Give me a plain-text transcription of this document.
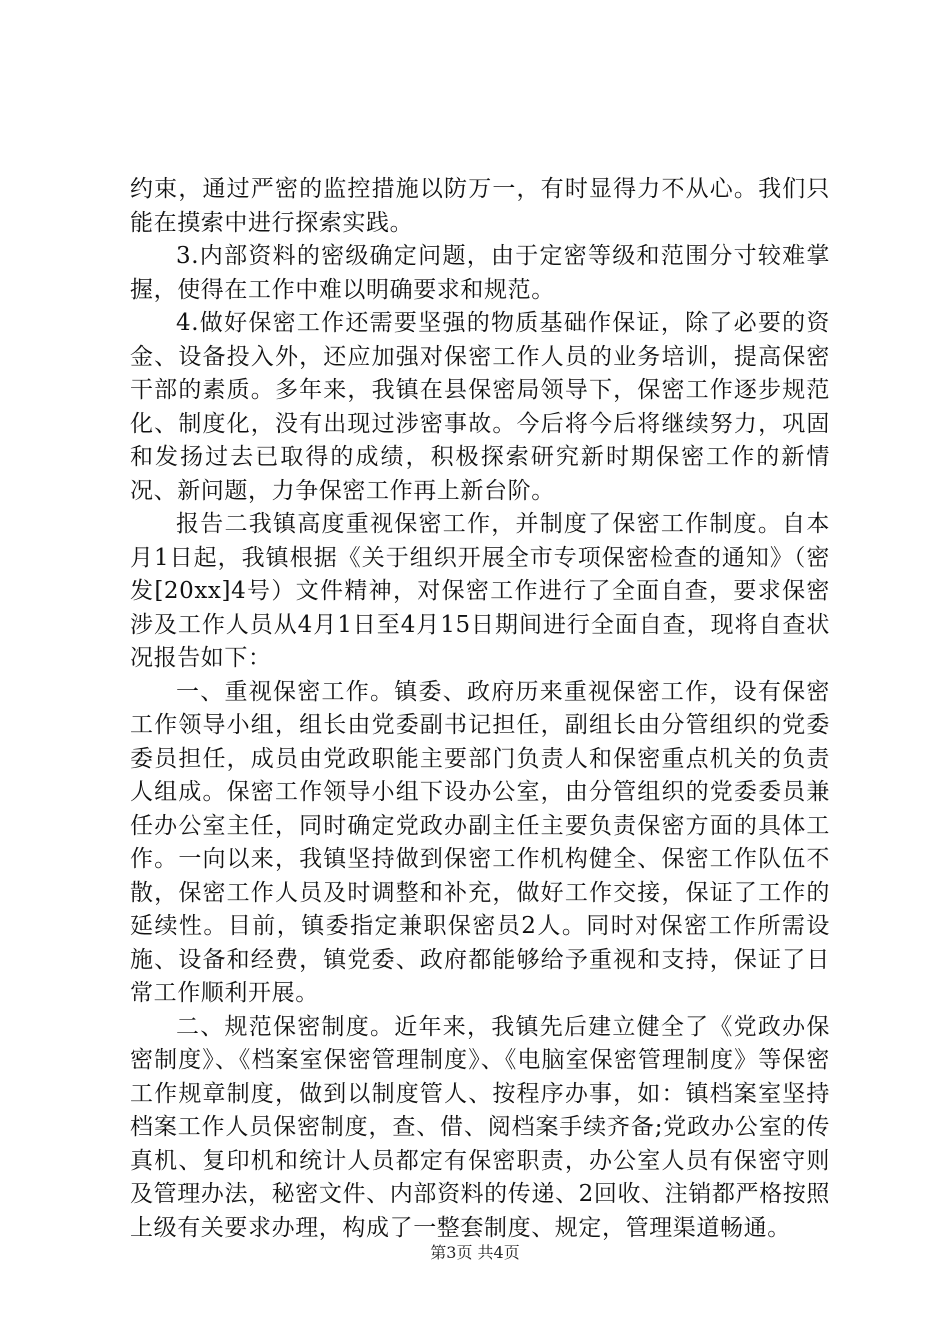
约束，通过严密的监控措施以防万一，有时显得力不从心。我们只能在摸索中进行探索实践。

3.内部资料的密级确定问题，由于定密等级和范围分寸较难掌握，使得在工作中难以明确要求和规范。

4.做好保密工作还需要坚强的物质基础作保证，除了必要的资金、设备投入外，还应加强对保密工作人员的业务培训，提高保密干部的素质。多年来，我镇在县保密局领导下，保密工作逐步规范化、制度化，没有出现过涉密事故。今后将今后将继续努力，巩固和发扬过去已取得的成绩，积极探索研究新时期保密工作的新情况、新问题，力争保密工作再上新台阶。

报告二我镇高度重视保密工作，并制度了保密工作制度。自本月1日起，我镇根据《关于组织开展全市专项保密检查的通知》（密发[20xx]4号）文件精神，对保密工作进行了全面自查，要求保密涉及工作人员从4月1日至4月15日期间进行全面自查，现将自查状况报告如下：

一、重视保密工作。镇委、政府历来重视保密工作，设有保密工作领导小组，组长由党委副书记担任，副组长由分管组织的党委委员担任，成员由党政职能主要部门负责人和保密重点机关的负责人组成。保密工作领导小组下设办公室，由分管组织的党委委员兼任办公室主任，同时确定党政办副主任主要负责保密方面的具体工作。一向以来，我镇坚持做到保密工作机构健全、保密工作队伍不散，保密工作人员及时调整和补充，做好工作交接，保证了工作的延续性。目前，镇委指定兼职保密员2人。同时对保密工作所需设施、设备和经费，镇党委、政府都能够给予重视和支持，保证了日常工作顺利开展。

二、规范保密制度。近年来，我镇先后建立健全了《党政办保密制度》、《档案室保密管理制度》、《电脑室保密管理制度》等保密工作规章制度，做到以制度管人、按程序办事，如：镇档案室坚持档案工作人员保密制度，查、借、阅档案手续齐备;党政办公室的传真机、复印机和统计人员都定有保密职责，办公室人员有保密守则及管理办法，秘密文件、内部资料的传递、2回收、注销都严格按照上级有关要求办理，构成了一整套制度、规定，管理渠道畅通。

第3页 共4页
